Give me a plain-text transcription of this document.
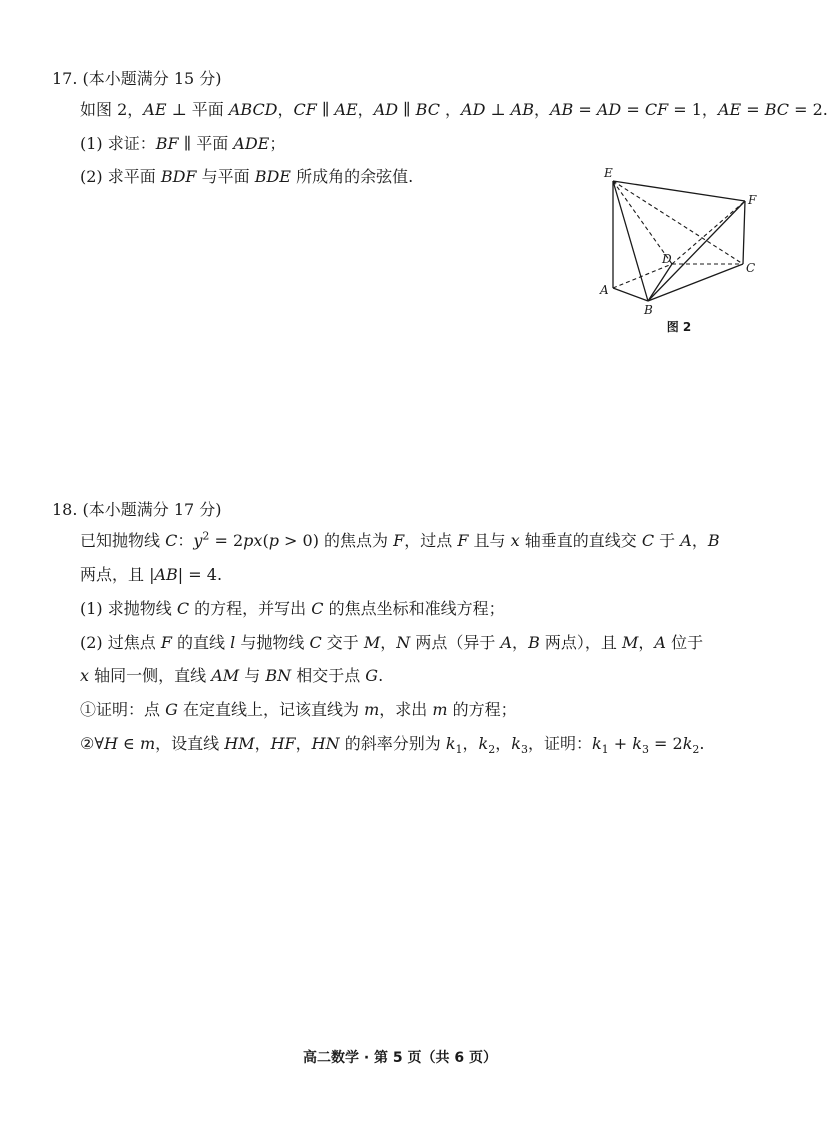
17. (本小题满分 15 分)
如图 2，AE ⊥ 平面 ABCD，CF ∥ AE，AD ∥ BC ，AD ⊥ AB，AB = AD = CF = 1，AE = BC = 2.
(1) 求证：BF ∥ 平面 ADE；
(2) 求平面 BDF 与平面 BDE 所成角的余弦值.	E
F
D
C
A
B
图 2
18. (本小题满分 17 分)
已知抛物线 C：$y^2 = 2px(p > 0)$ 的焦点为 F，过点 F 且与 x 轴垂直的直线交 C 于 A，B
两点，且 |AB| = 4.
(1) 求抛物线 C 的方程，并写出 C 的焦点坐标和准线方程；
(2) 过焦点 F 的直线 l 与抛物线 C 交于 M，N 两点（异于 A，B 两点），且 M，A 位于
x 轴同一侧，直线 AM 与 BN 相交于点 G.
①证明：点 G 在定直线上，记该直线为 m，求出 m 的方程；
②∀H ∈ m，设直线 HM，HF，HN 的斜率分别为 $k_1$，$k_2$，$k_3$，证明：$k_1 + k_3 = 2k_2$.
高二数学 · 第 5 页（共 6 页）
